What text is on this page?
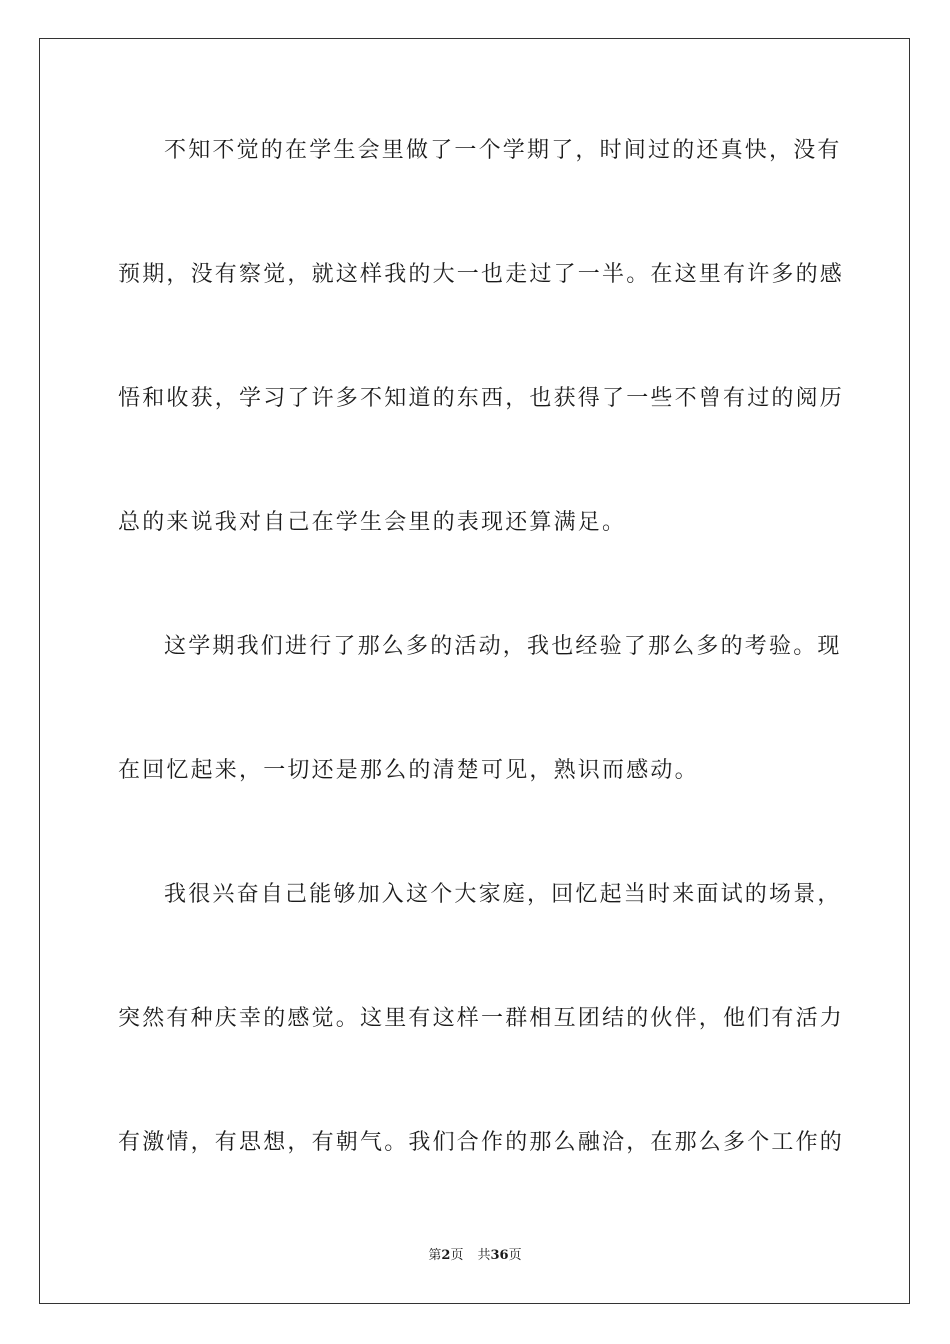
不知不觉的在学生会里做了一个学期了，时间过的还真快，没有
预期，没有察觉，就这样我的大一也走过了一半。在这里有许多的感
悟和收获，学习了许多不知道的东西，也获得了一些不曾有过的阅历
总的来说我对自己在学生会里的表现还算满足。
这学期我们进行了那么多的活动，我也经验了那么多的考验。现
在回忆起来，一切还是那么的清楚可见，熟识而感动。
我很兴奋自己能够加入这个大家庭，回忆起当时来面试的场景，
突然有种庆幸的感觉。这里有这样一群相互团结的伙伴，他们有活力
有激情，有思想，有朝气。我们合作的那么融洽，在那么多个工作的
第2页 共36页
